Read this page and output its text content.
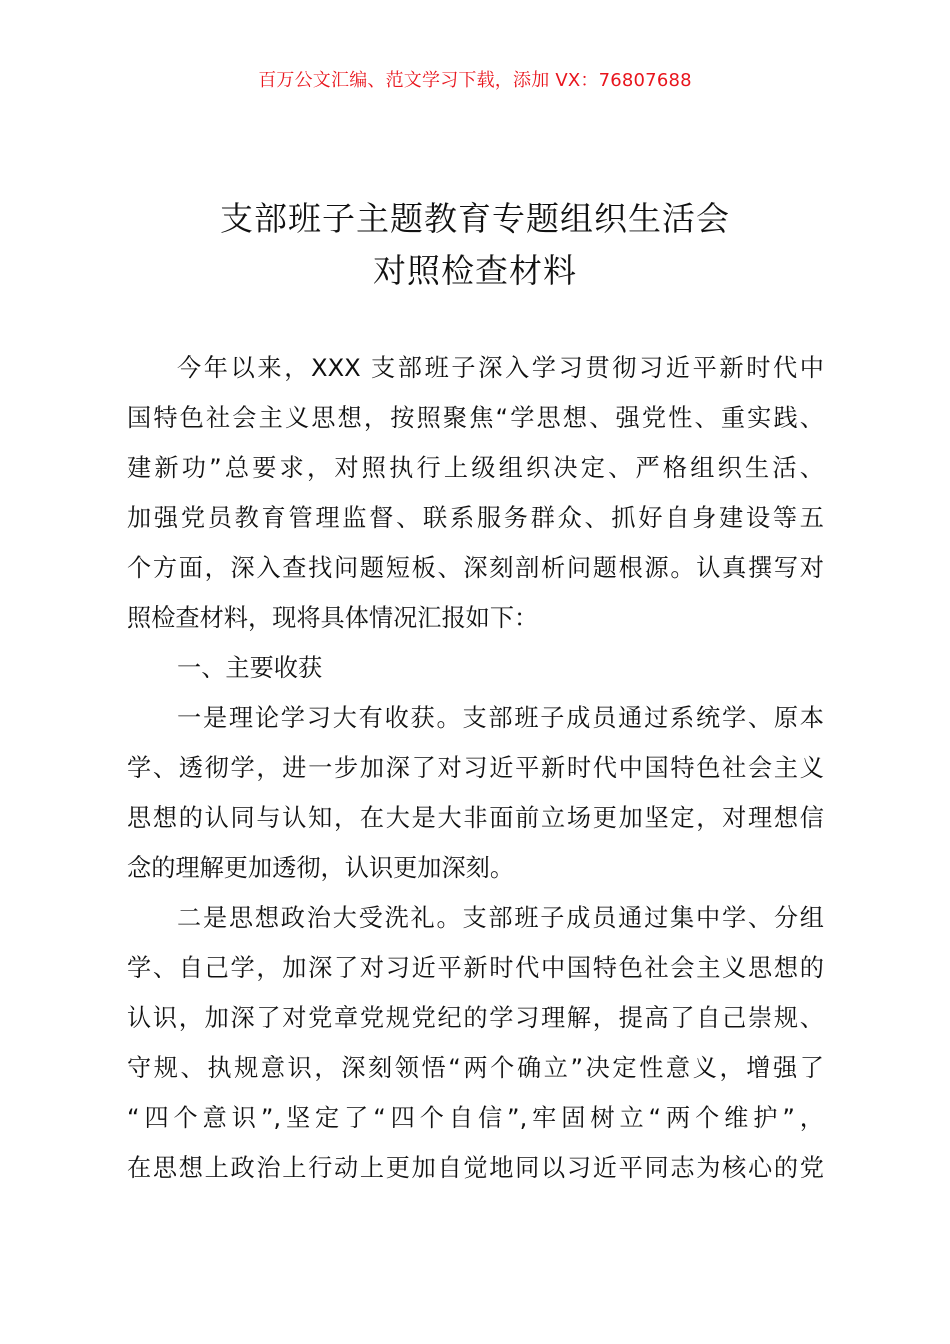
百万公文汇编、范文学习下载，添加 VX：76807688
支部班子主题教育专题组织生活会
对照检查材料
今年以来，XXX 支部班子深入学习贯彻习近平新时代中
国特色社会主义思想，按照聚焦“学思想、强党性、重实践、
建新功”总要求，对照执行上级组织决定、严格组织生活、
加强党员教育管理监督、联系服务群众、抓好自身建设等五
个方面，深入查找问题短板、深刻剖析问题根源。认真撰写对
照检查材料，现将具体情况汇报如下：
一、主要收获
一是理论学习大有收获。支部班子成员通过系统学、原本
学、透彻学，进一步加深了对习近平新时代中国特色社会主义
思想的认同与认知，在大是大非面前立场更加坚定，对理想信
念的理解更加透彻，认识更加深刻。
二是思想政治大受洗礼。支部班子成员通过集中学、分组
学、自己学，加深了对习近平新时代中国特色社会主义思想的
认识，加深了对党章党规党纪的学习理解，提高了自己崇规、
守规、执规意识，深刻领悟“两个确立”决定性意义，增强了
“四个意识”,坚定了“四个自信”,牢固树立“两个维护”，
在思想上政治上行动上更加自觉地同以习近平同志为核心的党
